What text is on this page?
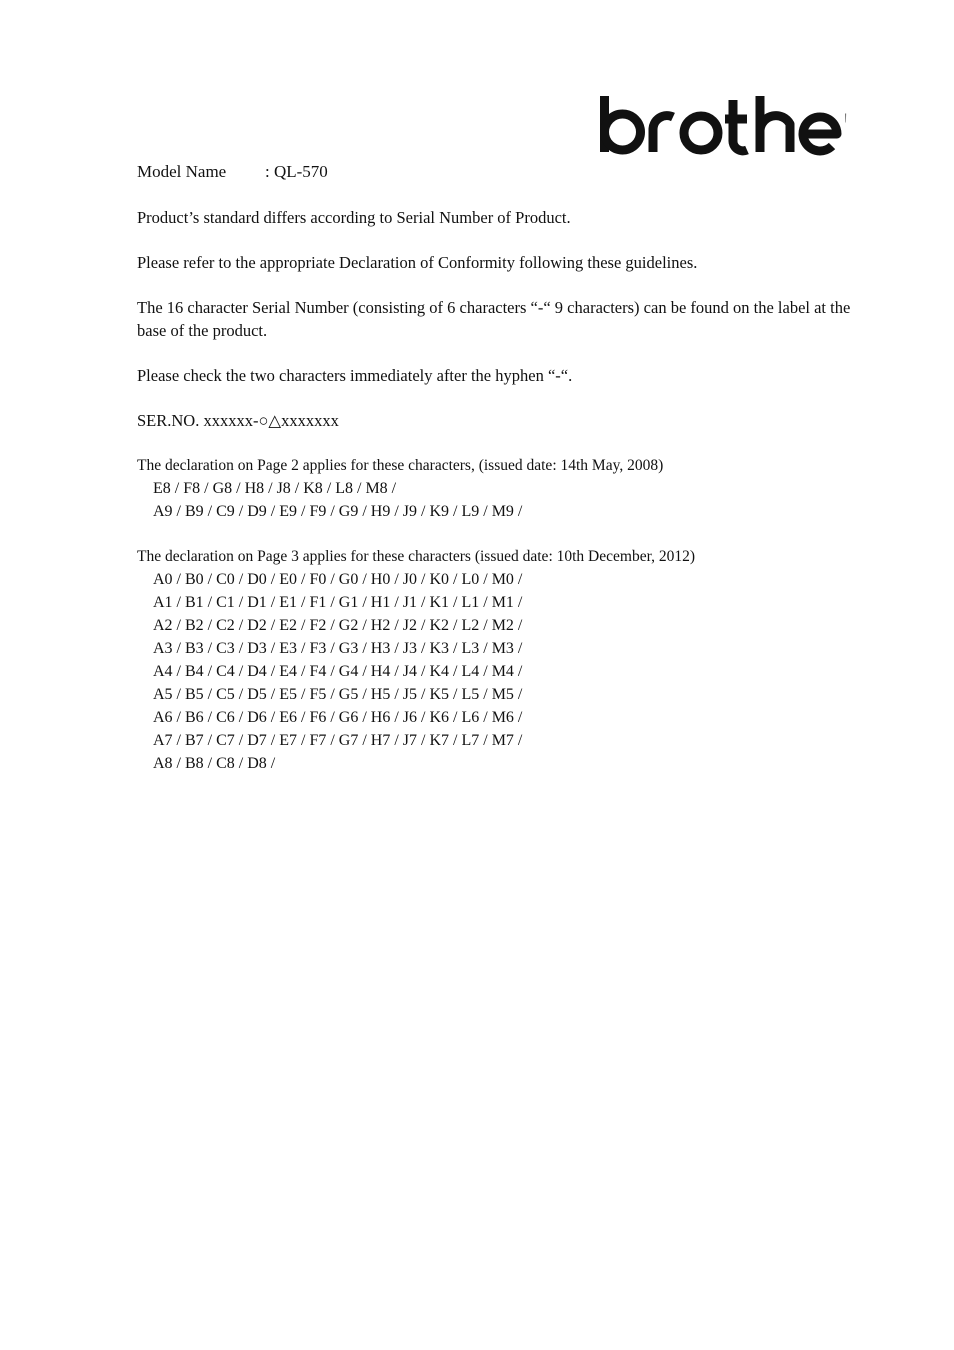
Model Name : QL-570

Product’s standard differs according to Serial Number of Product.

Please refer to the appropriate Declaration of Conformity following these guidelines.

The 16 character Serial Number (consisting of 6 characters “-“ 9 characters) can be found on the label at the base of the product.

Please check the two characters immediately after the hyphen “-“.

SER.NO. xxxxxx-○△xxxxxxx

The declaration on Page 2 applies for these characters, (issued date: 14th May, 2008)

E8 / F8 / G8 / H8 / J8 / K8 / L8 / M8 /
A9 / B9 / C9 / D9 / E9 / F9 / G9 / H9 / J9 / K9 / L9 / M9 /

The declaration on Page 3 applies for these characters (issued date: 10th December, 2012)

A0 / B0 / C0 / D0 / E0 / F0 / G0 / H0 / J0 / K0 / L0 / M0 /
A1 / B1 / C1 / D1 / E1 / F1 / G1 / H1 / J1 / K1 / L1 / M1 /
A2 / B2 / C2 / D2 / E2 / F2 / G2 / H2 / J2 / K2 / L2 / M2 /
A3 / B3 / C3 / D3 / E3 / F3 / G3 / H3 / J3 / K3 / L3 / M3 /
A4 / B4 / C4 / D4 / E4 / F4 / G4 / H4 / J4 / K4 / L4 / M4 /
A5 / B5 / C5 / D5 / E5 / F5 / G5 / H5 / J5 / K5 / L5 / M5 /
A6 / B6 / C6 / D6 / E6 / F6 / G6 / H6 / J6 / K6 / L6 / M6 /
A7 / B7 / C7 / D7 / E7 / F7 / G7 / H7 / J7 / K7 / L7 / M7 /
A8 / B8 / C8 / D8 /
